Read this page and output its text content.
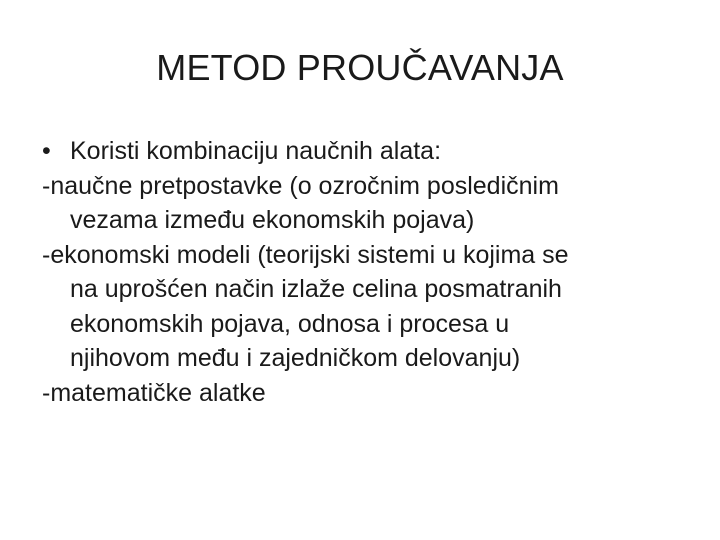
METOD PROUČAVANJA
• Koristi kombinaciju naučnih alata:
-naučne pretpostavke (o ozročnim posledičnim
vezama između ekonomskih pojava)
-ekonomski modeli (teorijski sistemi u kojima se
na uprošćen način izlaže celina posmatranih
ekonomskih pojava, odnosa i procesa u
njihovom među i zajedničkom delovanju)
-matematičke alatke
